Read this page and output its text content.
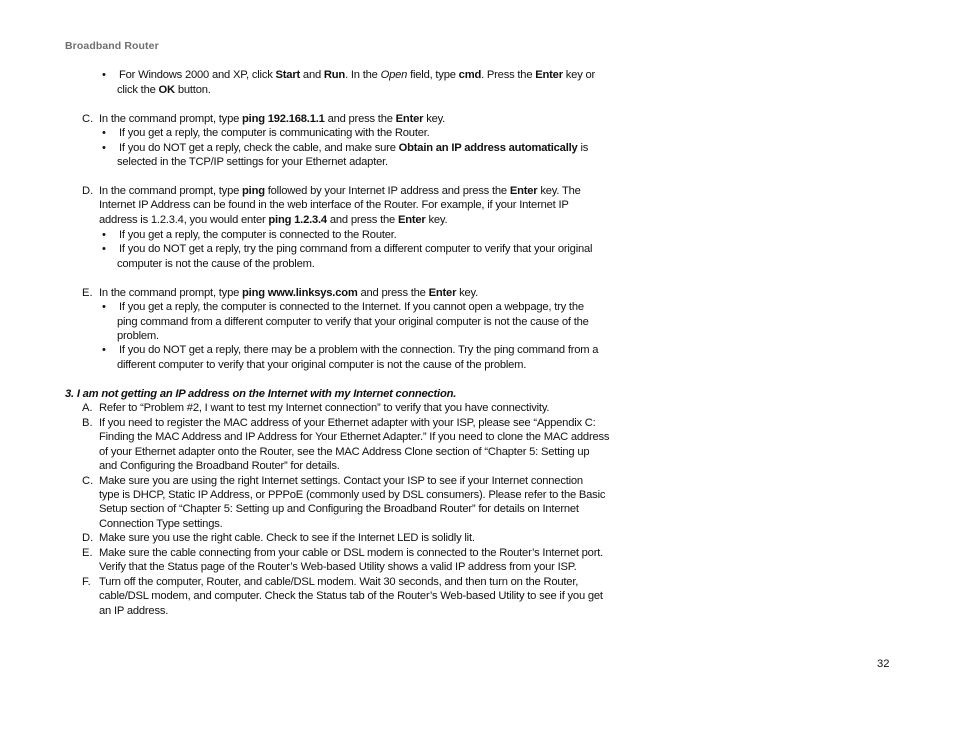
Broadband Router
• For Windows 2000 and XP, click Start and Run. In the Open field, type cmd. Press the Enter key or
click the OK button.
C. In the command prompt, type ping 192.168.1.1 and press the Enter key.
• If you get a reply, the computer is communicating with the Router.
• If you do NOT get a reply, check the cable, and make sure Obtain an IP address automatically is
selected in the TCP/IP settings for your Ethernet adapter.
D. In the command prompt, type ping followed by your Internet IP address and press the Enter key. The
Internet IP Address can be found in the web interface of the Router. For example, if your Internet IP
address is 1.2.3.4, you would enter ping 1.2.3.4 and press the Enter key.
• If you get a reply, the computer is connected to the Router.
• If you do NOT get a reply, try the ping command from a different computer to verify that your original
computer is not the cause of the problem.
E. In the command prompt, type ping www.linksys.com and press the Enter key.
• If you get a reply, the computer is connected to the Internet. If you cannot open a webpage, try the
ping command from a different computer to verify that your original computer is not the cause of the
problem.
• If you do NOT get a reply, there may be a problem with the connection. Try the ping command from a
different computer to verify that your original computer is not the cause of the problem.
3. I am not getting an IP address on the Internet with my Internet connection.
A. Refer to “Problem #2, I want to test my Internet connection” to verify that you have connectivity.
B. If you need to register the MAC address of your Ethernet adapter with your ISP, please see “Appendix C:
Finding the MAC Address and IP Address for Your Ethernet Adapter.” If you need to clone the MAC address
of your Ethernet adapter onto the Router, see the MAC Address Clone section of “Chapter 5: Setting up
and Configuring the Broadband Router” for details.
C. Make sure you are using the right Internet settings. Contact your ISP to see if your Internet connection
type is DHCP, Static IP Address, or PPPoE (commonly used by DSL consumers). Please refer to the Basic
Setup section of “Chapter 5: Setting up and Configuring the Broadband Router” for details on Internet
Connection Type settings.
D. Make sure you use the right cable. Check to see if the Internet LED is solidly lit.
E. Make sure the cable connecting from your cable or DSL modem is connected to the Router’s Internet port.
Verify that the Status page of the Router’s Web-based Utility shows a valid IP address from your ISP.
F. Turn off the computer, Router, and cable/DSL modem. Wait 30 seconds, and then turn on the Router,
cable/DSL modem, and computer. Check the Status tab of the Router’s Web-based Utility to see if you get
an IP address.
32
